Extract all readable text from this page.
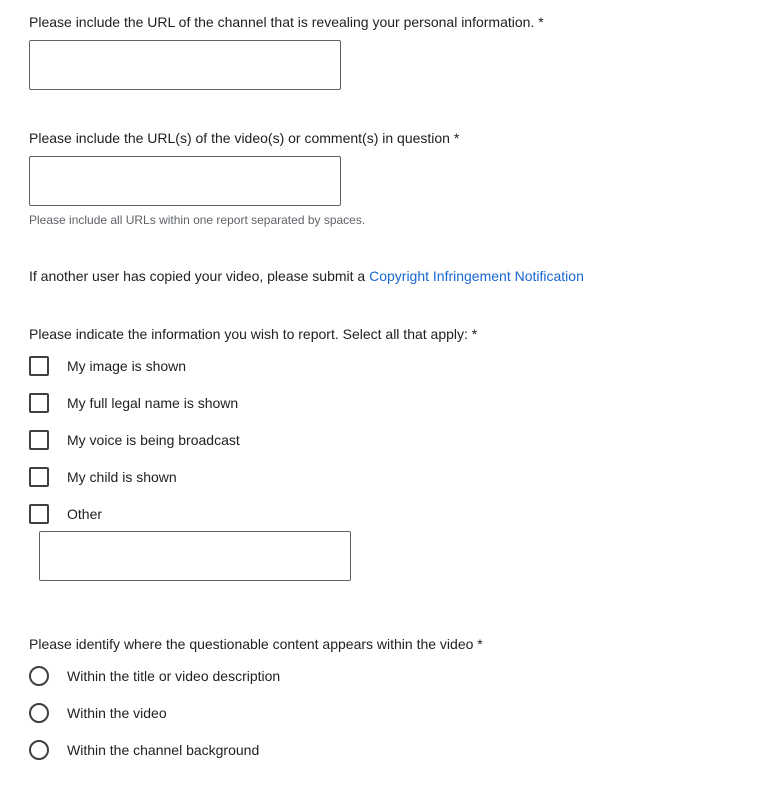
Please include the URL of the channel that is revealing your personal information. *
Please include the URL(s) of the video(s) or comment(s) in question *
Please include all URLs within one report separated by spaces.
If another user has copied your video, please submit a Copyright Infringement Notification
Please indicate the information you wish to report. Select all that apply: *
My image is shown
My full legal name is shown
My voice is being broadcast
My child is shown
Other
Please identify where the questionable content appears within the video *
Within the title or video description
Within the video
Within the channel background
